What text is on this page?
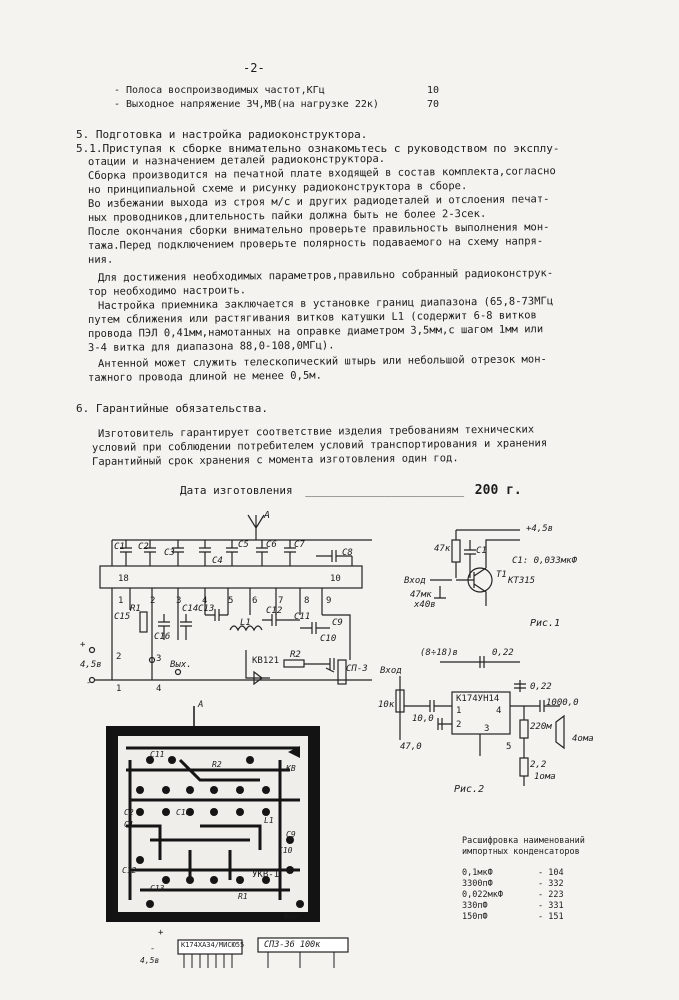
-2-
- Полоса воспроизводимых частот,КГц	10
- Выходное напряжение ЗЧ,МВ(на нагрузке 22к)	70
5. Подготовка и настройка радиоконструктора.
5.1.Приступая к сборке внимательно ознакомьтесь с руководством по эксплу-
отации и назначением деталей радиоконструктора.
Сборка производится на печатной плате входящей в состав комплекта,согласно
но принципиальной схеме и рисунку радиоконструктора в сборе.
Во избежании выхода из строя м/с и других радиодеталей и отслоения печат-
ных проводников,длительность пайки должна быть не более 2-3сек.
После окончания сборки внимательно проверьте правильность выполнения мон-
тажа.Перед подключением проверьте полярность подаваемого на схему напря-
ния.
Для достижения необходимых параметров,правильно собранный радиоконструк-
тор необходимо настроить.
Настройка приемника заключается в установке границ диапазона (65,8-73МГц
путем сближения или растягивания витков катушки L1 (содержит 6-8 витков
провода ПЭЛ 0,41мм,намотанных на оправке диаметром 3,5мм,с шагом 1мм или
3-4 витка для диапазона 88,0-108,0МГц).
Антенной может служить телескопический штырь или небольшой отрезок мон-
тажного провода длиной не менее 0,5м.
6. Гарантийные обязательства.
Изготовитель гарантирует соответствие изделия требованиям технических
условий при соблюдении потребителем условий транспортирования и хранения
Гарантийный срок хранения с момента изготовления один год.
Дата изготовления ________________________ 200 г.
A
C1 C2
C3
C4
C5 C6 C7
C8
18	10
1	2 3 4 5 6 7 8 9
C15
R1
C16
C14 C13
L1
C12
C11
C10
C9
КВ121
R2
СП-3
+
-
4,5в	Вых.
2	3
1	4
+4,5в
47к	C1
C1: 0,033мкФ
T1
КТ315
Вход
47мк
х40в
Рис.1
(8÷18)в	0,22
Вход
К174УН14
10к
10,0
1
2	3
4
5
0,22
1000,0
220м
2,2
47,0
4ома
1ома
Рис.2
A
C11
R2	КВ
C2
C1
C16
L1
C9
C10
C12
C13
R1
УКВ-1
Вых.
+
-
4,5в
К174ХА34/МИСЮ55 СП3-36 100к
Расшифровка наименований
импортных конденсаторов
0,1мкФ	- 104
3300пФ	- 332
0,022мкФ	- 223
330пФ	- 331
150пФ	- 151
